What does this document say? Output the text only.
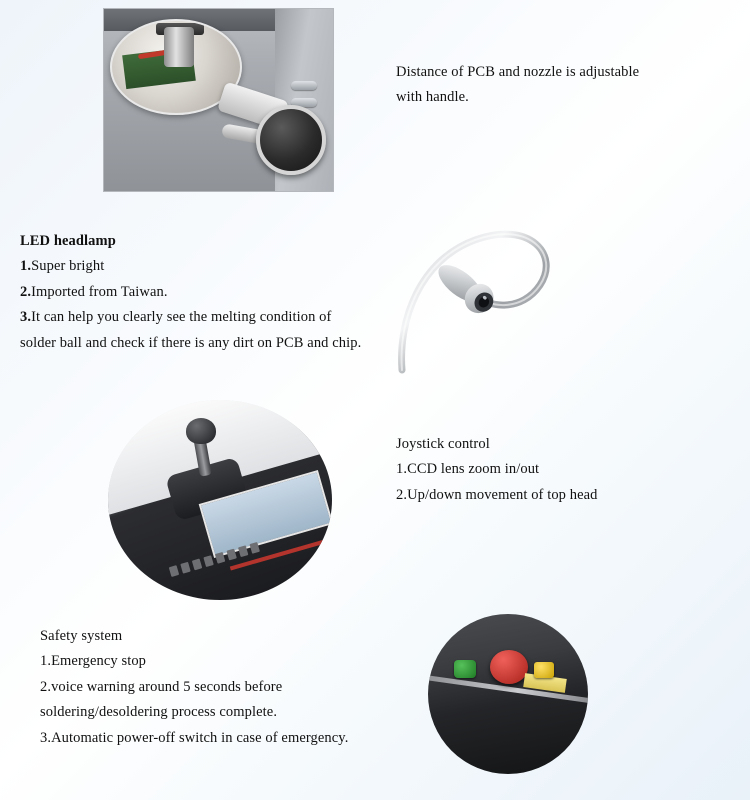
Distance of PCB and nozzle is adjustable
with handle.
LED headlamp
1.Super bright
2.Imported from Taiwan.
3.It can help you clearly see the melting condition of
solder ball and check if there is any dirt on PCB and chip.
Joystick control
1.CCD lens zoom in/out
2.Up/down movement of top head
Safety system
1.Emergency stop
2.voice warning around 5 seconds before
soldering/desoldering process complete.
3.Automatic power-off switch in case of emergency.
